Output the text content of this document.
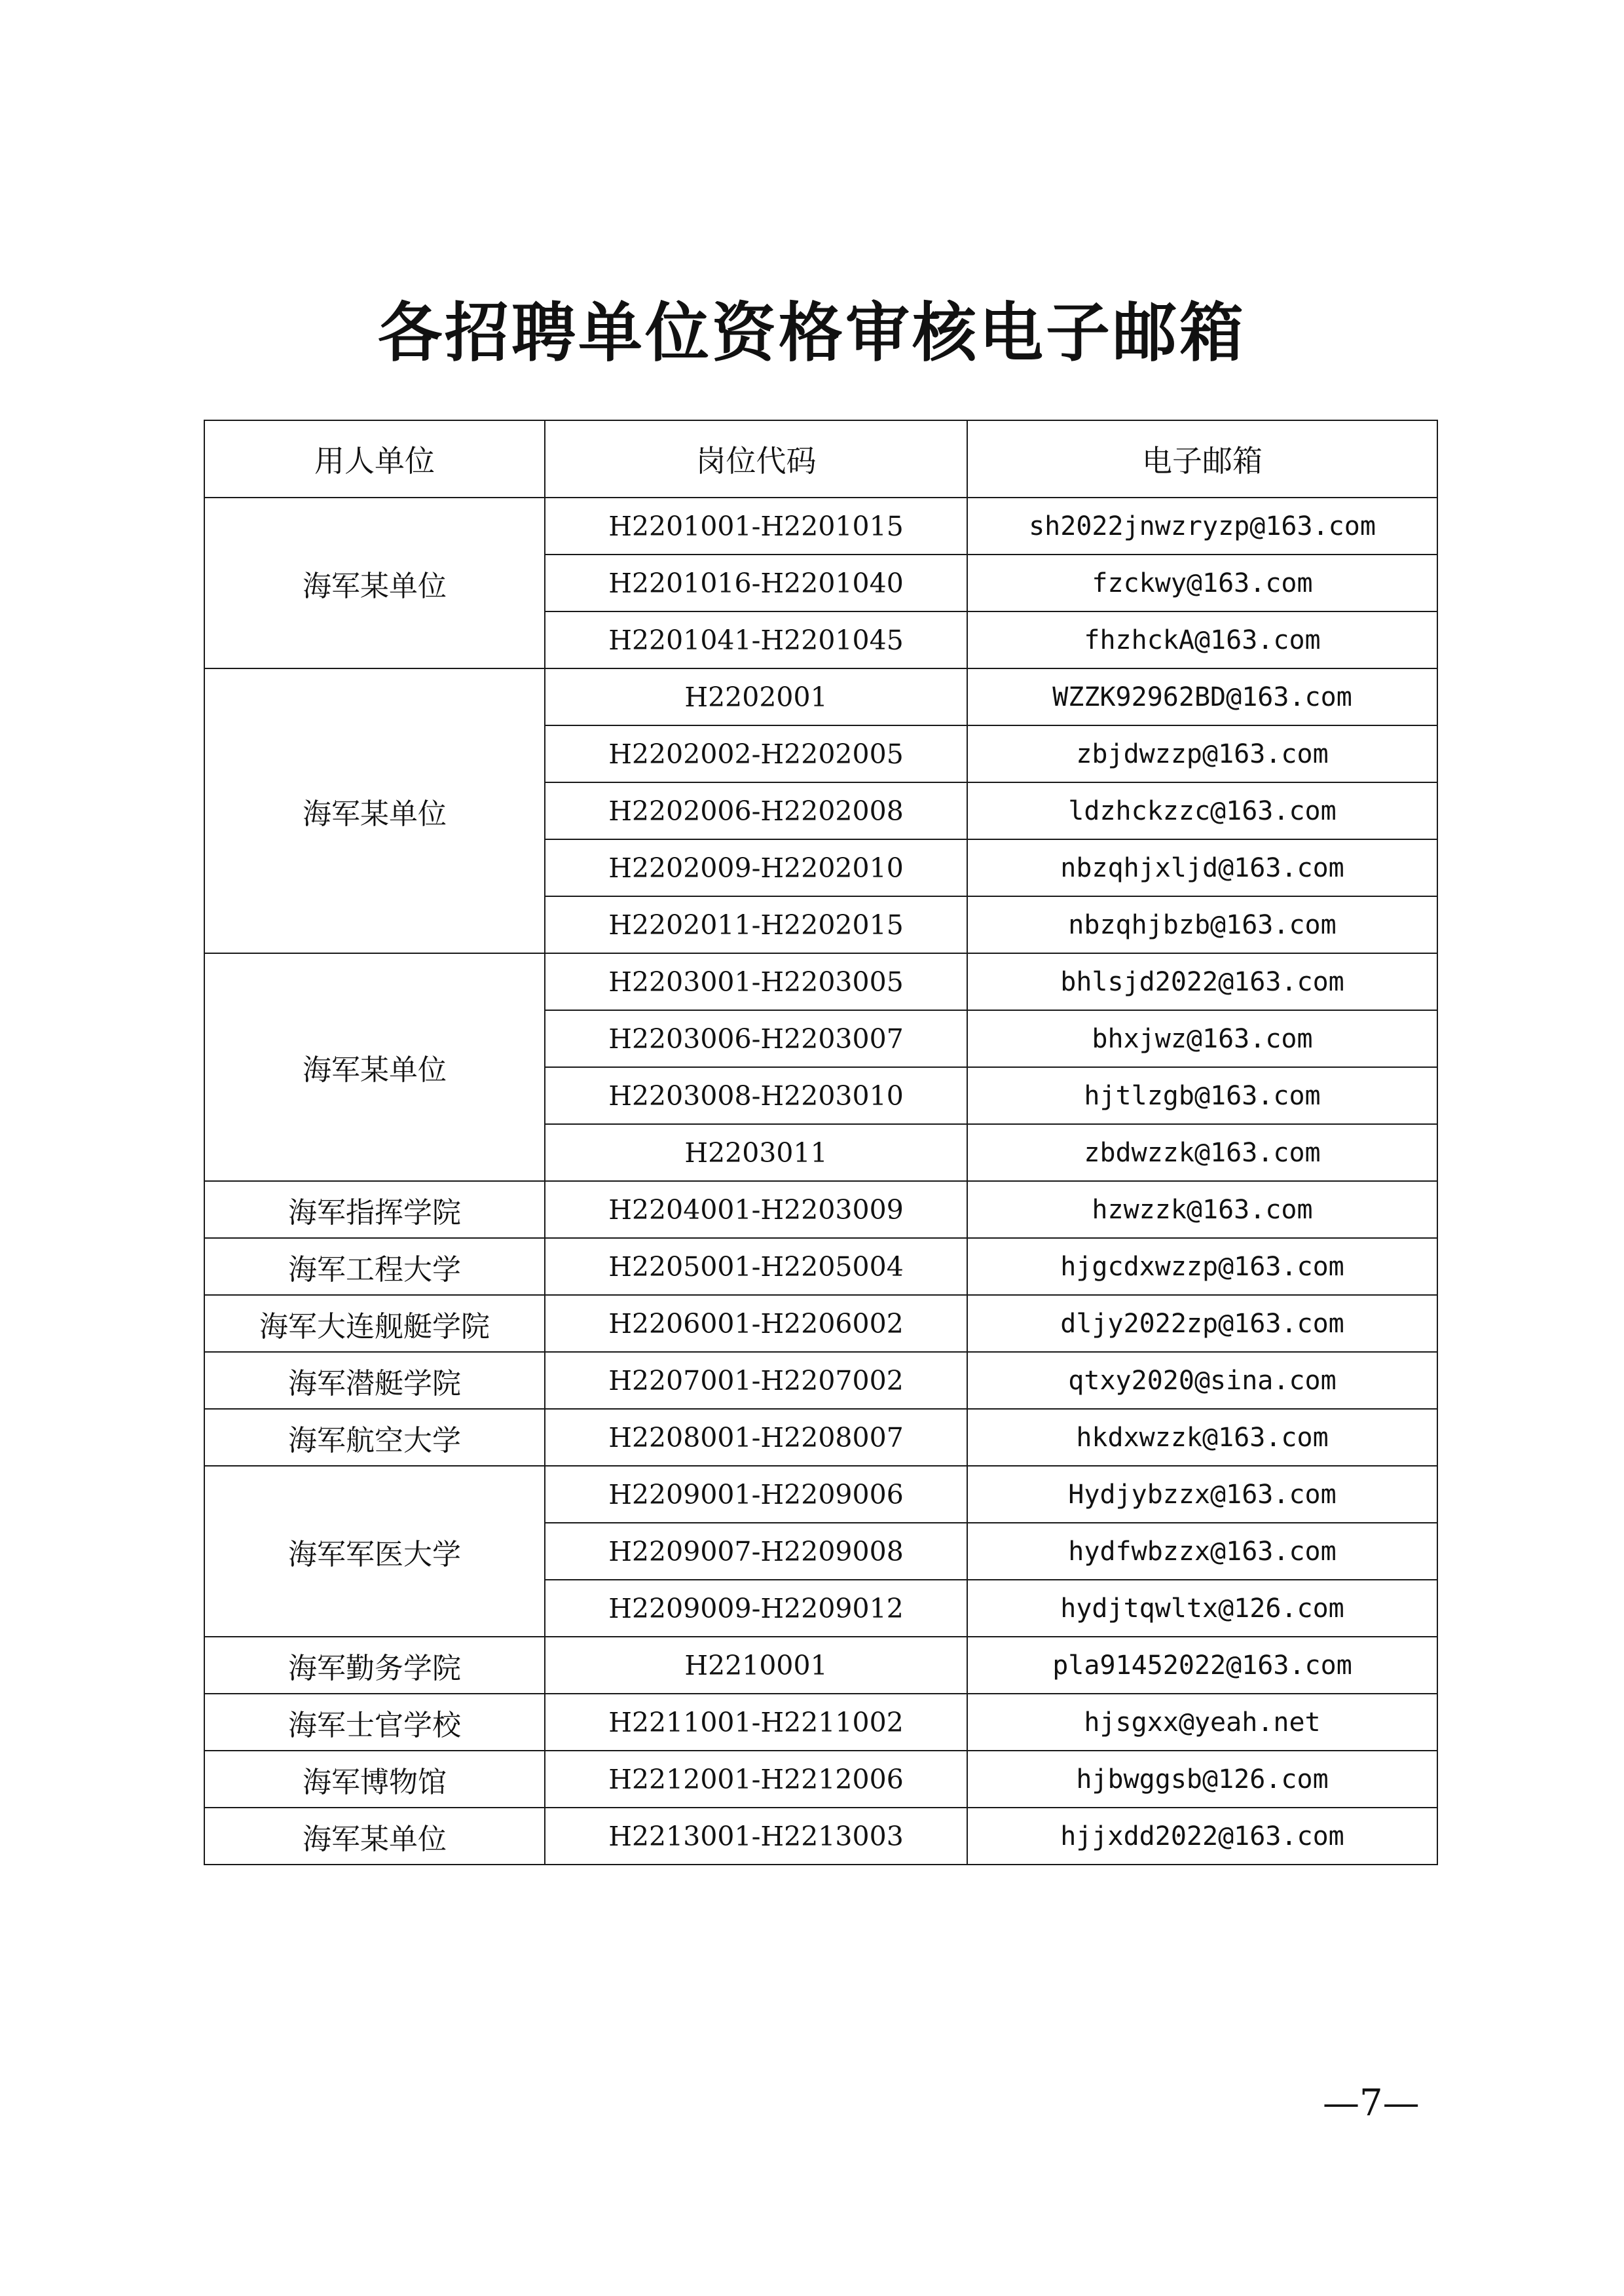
各招聘单位资格审核电子邮箱
用人单位	岗位代码	电子邮箱
海军某单位	H2201001-H2201015	sh2022jnwzryzp@163.com
	H2201016-H2201040	fzckwy@163.com
	H2201041-H2201045	fhzhckA@163.com
海军某单位	H2202001	WZZK92962BD@163.com
	H2202002-H2202005	zbjdwzzp@163.com
	H2202006-H2202008	ldzhckzzc@163.com
	H2202009-H2202010	nbzqhjxljd@163.com
	H2202011-H2202015	nbzqhjbzb@163.com
海军某单位	H2203001-H2203005	bhlsjd2022@163.com
	H2203006-H2203007	bhxjwz@163.com
	H2203008-H2203010	hjtlzgb@163.com
	H2203011	zbdwzzk@163.com
海军指挥学院	H2204001-H2203009	hzwzzk@163.com
海军工程大学	H2205001-H2205004	hjgcdxwzzp@163.com
海军大连舰艇学院	H2206001-H2206002	dljy2022zp@163.com
海军潜艇学院	H2207001-H2207002	qtxy2020@sina.com
海军航空大学	H2208001-H2208007	hkdxwzzk@163.com
海军军医大学	H2209001-H2209006	Hydjybzzx@163.com
	H2209007-H2209008	hydfwbzzx@163.com
	H2209009-H2209012	hydjtqwltx@126.com
海军勤务学院	H2210001	pla91452022@163.com
海军士官学校	H2211001-H2211002	hjsgxx@yeah.net
海军博物馆	H2212001-H2212006	hjbwggsb@126.com
海军某单位	H2213001-H2213003	hjjxdd2022@163.com
—7—
